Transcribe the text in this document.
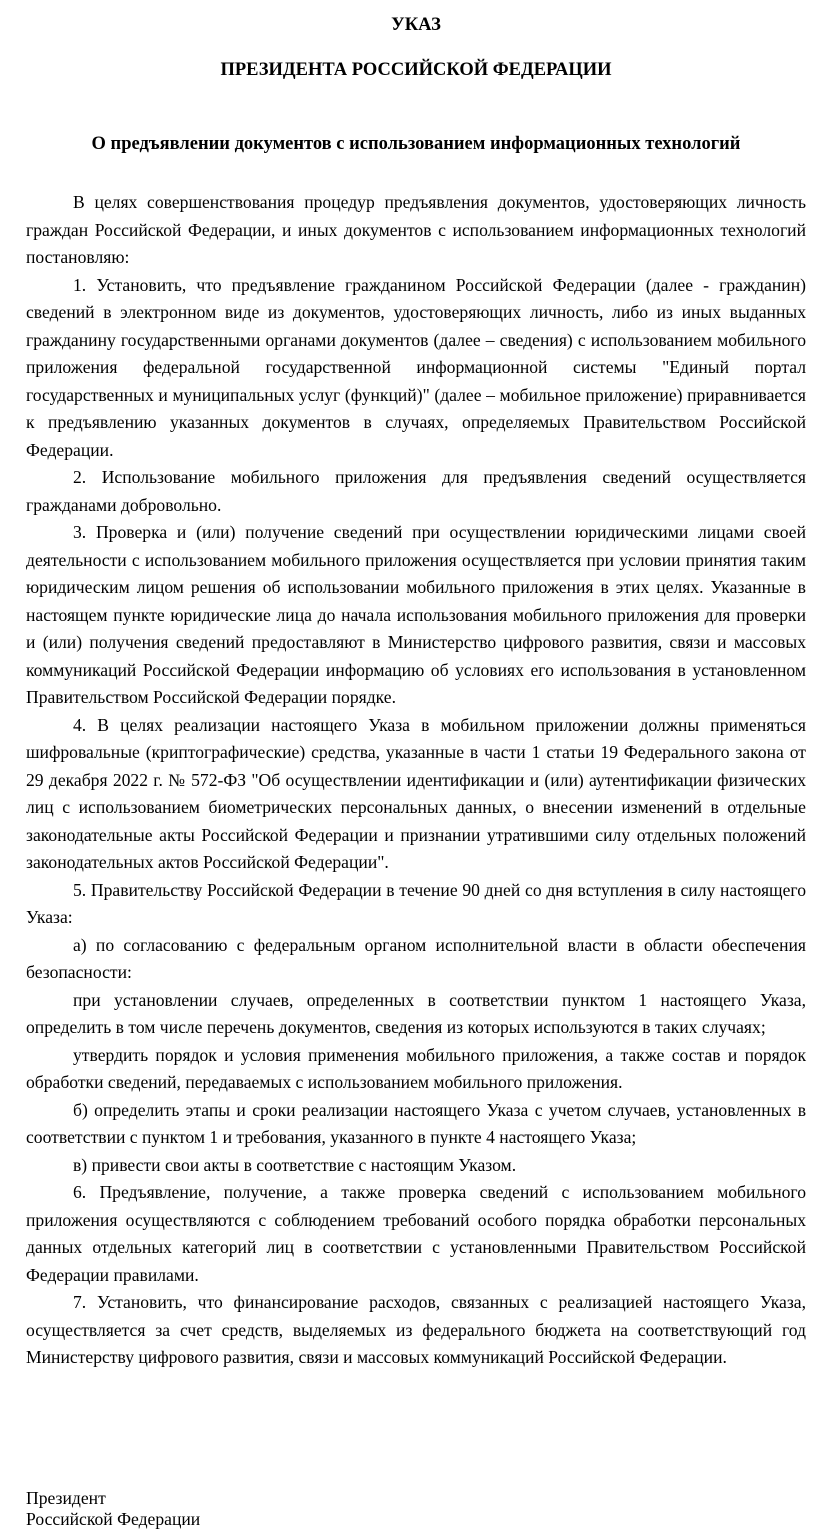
УКАЗ
ПРЕЗИДЕНТА РОССИЙСКОЙ ФЕДЕРАЦИИ
О предъявлении документов с использованием информационных технологий

В целях совершенствования процедур предъявления документов, удостоверяющих личность граждан Российской Федерации, и иных документов с использованием информационных технологий постановляю:

1. Установить, что предъявление гражданином Российской Федерации (далее - гражданин) сведений в электронном виде из документов, удостоверяющих личность, либо из иных выданных гражданину государственными органами документов (далее – сведения) с использованием мобильного приложения федеральной государственной информационной системы "Единый портал государственных и муниципальных услуг (функций)" (далее – мобильное приложение) приравнивается к предъявлению указанных документов в случаях, определяемых Правительством Российской Федерации.

2. Использование мобильного приложения для предъявления сведений осуществляется гражданами добровольно.

3. Проверка и (или) получение сведений при осуществлении юридическими лицами своей деятельности с использованием мобильного приложения осуществляется при условии принятия таким юридическим лицом решения об использовании мобильного приложения в этих целях. Указанные в настоящем пункте юридические лица до начала использования мобильного приложения для проверки и (или) получения сведений предоставляют в Министерство цифрового развития, связи и массовых коммуникаций Российской Федерации информацию об условиях его использования в установленном Правительством Российской Федерации порядке.

4. В целях реализации настоящего Указа в мобильном приложении должны применяться шифровальные (криптографические) средства, указанные в части 1 статьи 19 Федерального закона от 29 декабря 2022 г. № 572-ФЗ "Об осуществлении идентификации и (или) аутентификации физических лиц с использованием биометрических персональных данных, о внесении изменений в отдельные законодательные акты Российской Федерации и признании утратившими силу отдельных положений законодательных актов Российской Федерации".

5. Правительству Российской Федерации в течение 90 дней со дня вступления в силу настоящего Указа:

а) по согласованию с федеральным органом исполнительной власти в области обеспечения безопасности:

при установлении случаев, определенных в соответствии пунктом 1 настоящего Указа, определить в том числе перечень документов, сведения из которых используются в таких случаях;

утвердить порядок и условия применения мобильного приложения, а также состав и порядок обработки сведений, передаваемых с использованием мобильного приложения.

б) определить этапы и сроки реализации настоящего Указа с учетом случаев, установленных в соответствии с пунктом 1 и требования, указанного в пункте 4 настоящего Указа;

в) привести свои акты в соответствие с настоящим Указом.

6. Предъявление, получение, а также проверка сведений с использованием мобильного приложения осуществляются с соблюдением требований особого порядка обработки персональных данных отдельных категорий лиц в соответствии с установленными Правительством Российской Федерации правилами.

7. Установить, что финансирование расходов, связанных с реализацией настоящего Указа, осуществляется за счет средств, выделяемых из федерального бюджета на соответствующий год Министерству цифрового развития, связи и массовых коммуникаций Российской Федерации.

Президент
Российской Федерации
